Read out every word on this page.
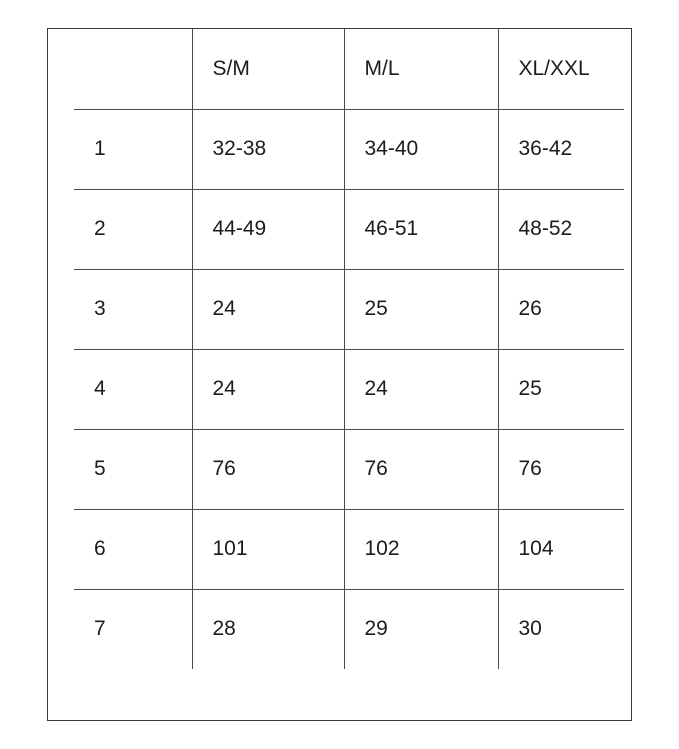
	S/M	M/L	XL/XXL
1	32-38	34-40	36-42
2	44-49	46-51	48-52
3	24	25	26
4	24	24	25
5	76	76	76
6	101	102	104
7	28	29	30
